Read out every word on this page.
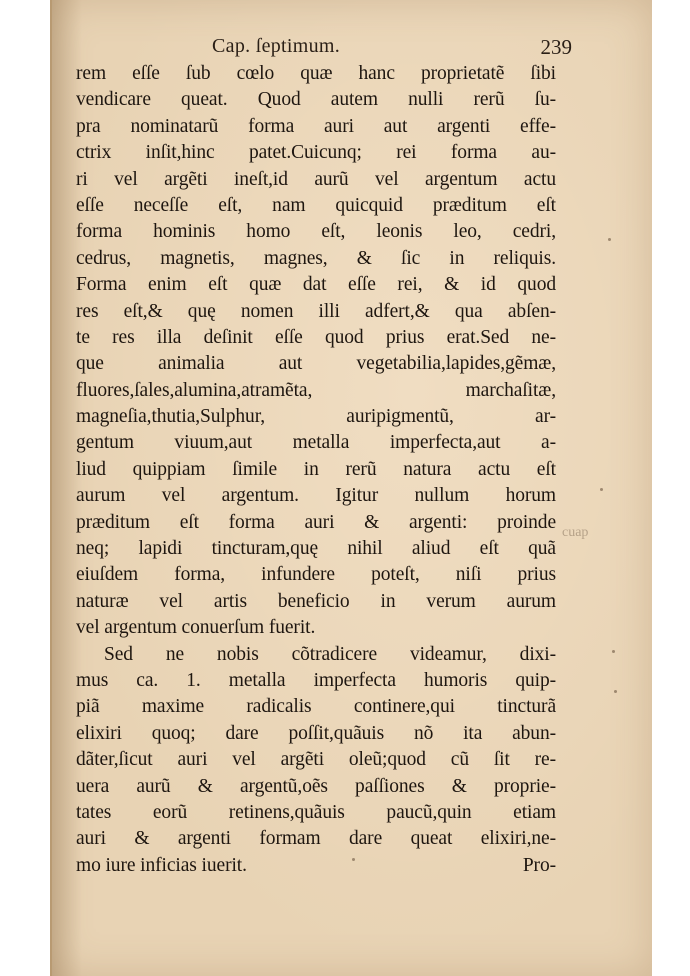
Cap. ſeptimum.	239
rem eſſe ſub cœlo quæ hanc proprietatẽ ſibi
vendicare queat. Quod autem nulli rerũ ſu-
pra nominatarũ forma auri aut argenti effe-
ctrix inſit,hinc patet.Cuicunq; rei forma au-
ri vel argẽti ineſt,id aurũ vel argentum actu
eſſe neceſſe eſt, nam quicquid præditum eſt
forma hominis homo eſt, leonis leo, cedri,
cedrus, magnetis, magnes, & ſic in reliquis.
Forma enim eſt quæ dat eſſe rei, & id quod
res eſt,& quę nomen illi adfert,& qua abſen-
te res illa deſinit eſſe quod prius erat.Sed ne-
que animalia aut vegetabilia,lapides,gẽmæ,
fluores,ſales,alumina,atramẽta, marchaſitæ,
magneſia,thutia,Sulphur, auripigmentũ, ar-
gentum viuum,aut metalla imperfecta,aut a-
liud quippiam ſimile in rerũ natura actu eſt
aurum vel argentum. Igitur nullum horum
præditum eſt forma auri & argenti: proinde
neq; lapidi tincturam,quę nihil aliud eſt quã
eiuſdem forma, infundere poteſt, niſi prius
naturæ vel artis beneficio in verum aurum
vel argentum conuerſum fuerit.
Sed ne nobis cõtradicere videamur, dixi-
mus ca. 1. metalla imperfecta humoris quip-
piã maxime radicalis continere,qui tincturã
elixiri quoq; dare poſſit,quãuis nõ ita abun-
dãter,ſicut auri vel argẽti oleũ;quod cũ ſit re-
uera aurũ & argentũ,oẽs paſſiones & proprie-
tates eorũ retinens,quãuis paucũ,quin etiam
auri & argenti formam dare queat elixiri,ne-
mo iure inficias iuerit.	Pro-
cuap
